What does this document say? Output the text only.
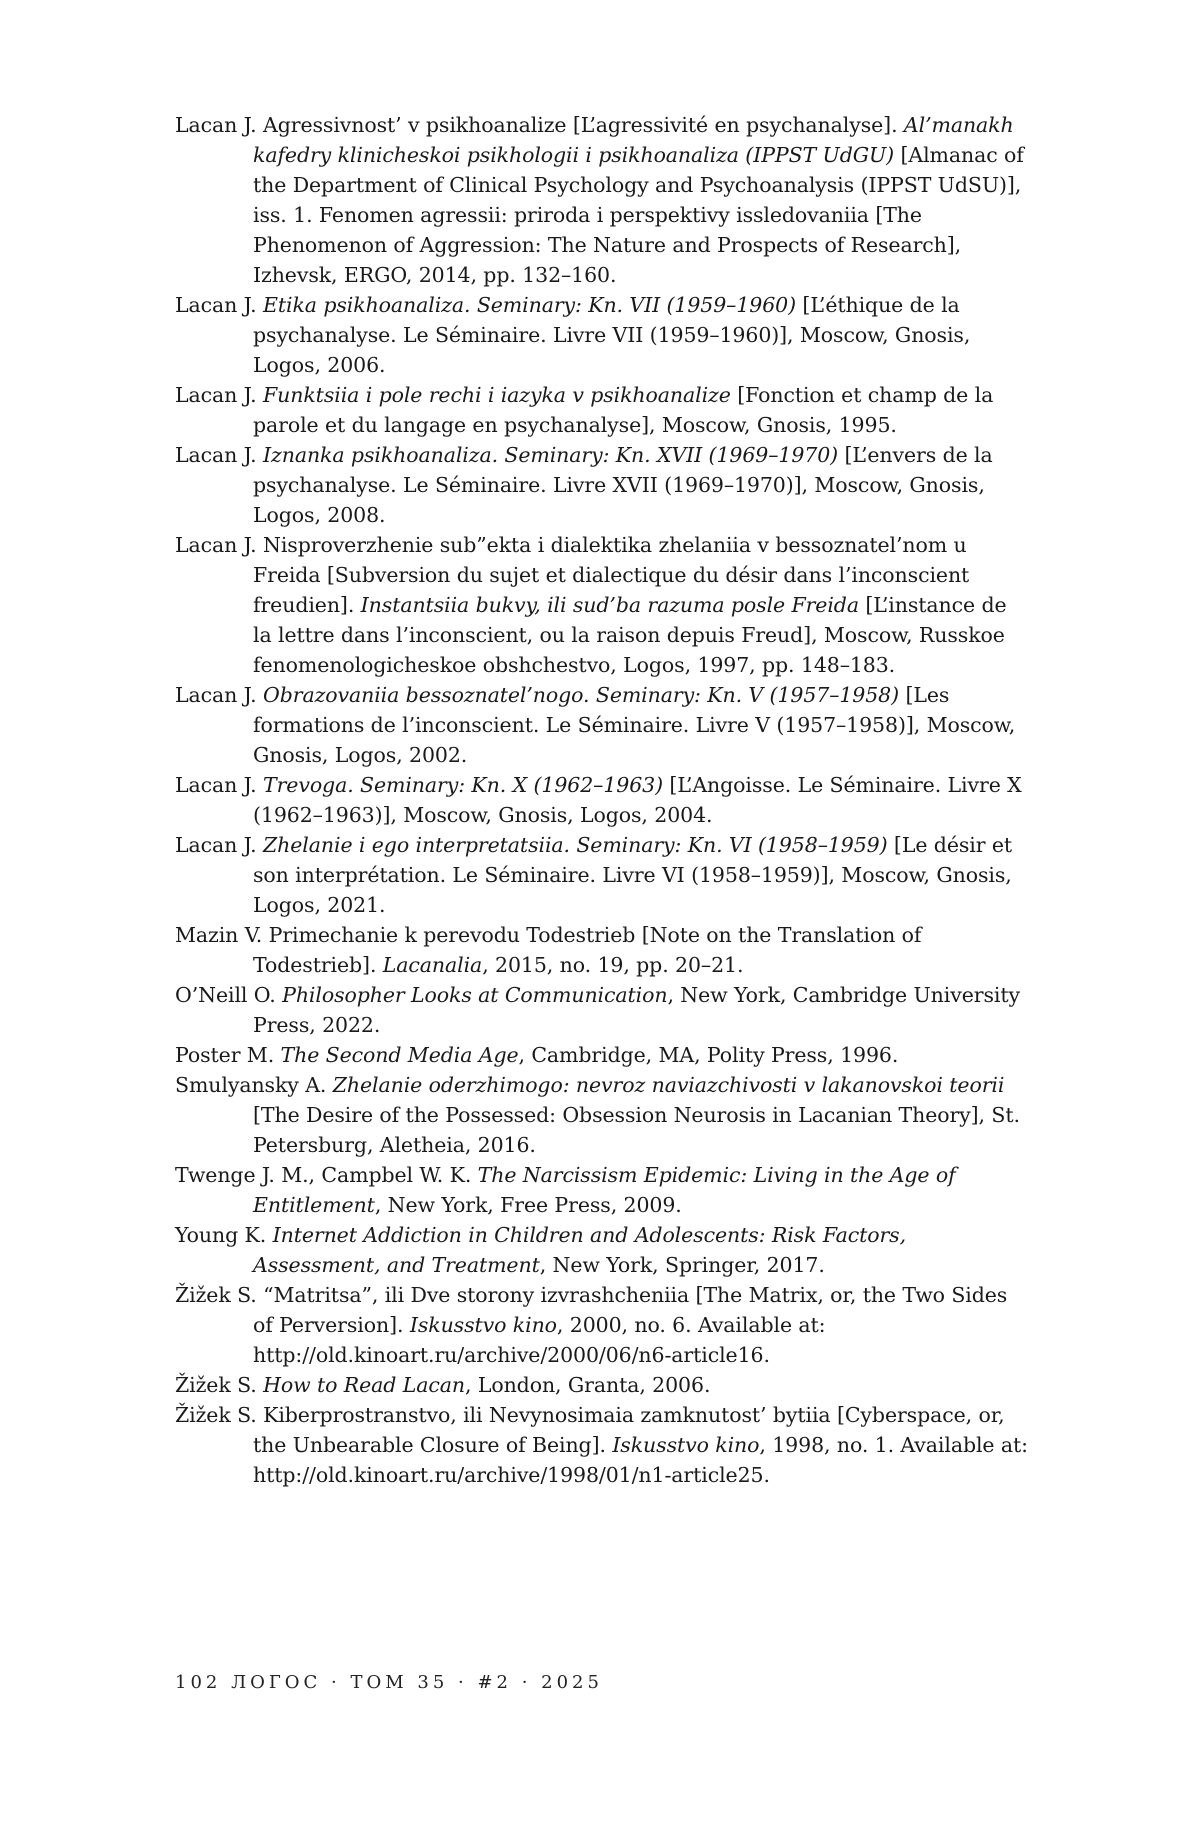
Lacan J. Agressivnost’ v psikhoanalize [L’agressivité en psychanalyse]. Al’manakh kafedry klinicheskoi psikhologii i psikhoanaliza (IPPST UdGU) [Almanac of the Department of Clinical Psychology and Psychoanalysis (IPPST UdSU)], iss. 1. Fenomen agressii: priroda i perspektivy issledovaniia [The Phenomenon of Aggression: The Nature and Prospects of Research], Izhevsk, ERGO, 2014, pp. 132–160.

Lacan J. Etika psikhoanaliza. Seminary: Kn. VII (1959–1960) [L’éthique de la psychanalyse. Le Séminaire. Livre VII (1959–1960)], Moscow, Gnosis, Logos, 2006.

Lacan J. Funktsiia i pole rechi i iazyka v psikhoanalize [Fonction et champ de la parole et du langage en psychanalyse], Moscow, Gnosis, 1995.

Lacan J. Iznanka psikhoanaliza. Seminary: Kn. XVII (1969–1970) [L’envers de la psychanalyse. Le Séminaire. Livre XVII (1969–1970)], Moscow, Gnosis, Logos, 2008.

Lacan J. Nisproverzhenie sub”ekta i dialektika zhelaniia v bessoznatel’nom u Freida [Subversion du sujet et dialectique du désir dans l’inconscient freudien]. Instantsiia bukvy, ili sud’ba razuma posle Freida [L’instance de la lettre dans l’inconscient, ou la raison depuis Freud], Moscow, Russkoe fenomenologicheskoe obshchestvo, Logos, 1997, pp. 148–183.

Lacan J. Obrazovaniia bessoznatel’nogo. Seminary: Kn. V (1957–1958) [Les formations de l’inconscient. Le Séminaire. Livre V (1957–1958)], Moscow, Gnosis, Logos, 2002.

Lacan J. Trevoga. Seminary: Kn. X (1962–1963) [L’Angoisse. Le Séminaire. Livre X (1962–1963)], Moscow, Gnosis, Logos, 2004.

Lacan J. Zhelanie i ego interpretatsiia. Seminary: Kn. VI (1958–1959) [Le désir et son interprétation. Le Séminaire. Livre VI (1958–1959)], Moscow, Gnosis, Logos, 2021.

Mazin V. Primechanie k perevodu Todestrieb [Note on the Translation of Todestrieb]. Lacanalia, 2015, no. 19, pp. 20–21.

O’Neill O. Philosopher Looks at Communication, New York, Cambridge University Press, 2022.

Poster M. The Second Media Age, Cambridge, MA, Polity Press, 1996.

Smulyansky A. Zhelanie oderzhimogo: nevroz naviazchivosti v lakanovskoi teorii [The Desire of the Possessed: Obsession Neurosis in Lacanian Theory], St. Petersburg, Aletheia, 2016.

Twenge J. M., Campbel W. K. The Narcissism Epidemic: Living in the Age of Entitlement, New York, Free Press, 2009.

Young K. Internet Addiction in Children and Adolescents: Risk Factors, Assessment, and Treatment, New York, Springer, 2017.

Žižek S. “Matritsa”, ili Dve storony izvrashcheniia [The Matrix, or, the Two Sides of Perversion]. Iskusstvo kino, 2000, no. 6. Available at: http://old.kinoart.ru/archive/2000/06/n6-article16.

Žižek S. How to Read Lacan, London, Granta, 2006.

Žižek S. Kiberprostranstvo, ili Nevynosimaia zamknutost’ bytiia [Cyberspace, or, the Unbearable Closure of Being]. Iskusstvo kino, 1998, no. 1. Available at: http://old.kinoart.ru/archive/1998/01/n1-article25.

102 ЛОГОС · ТОМ 35 · #2 · 2025
